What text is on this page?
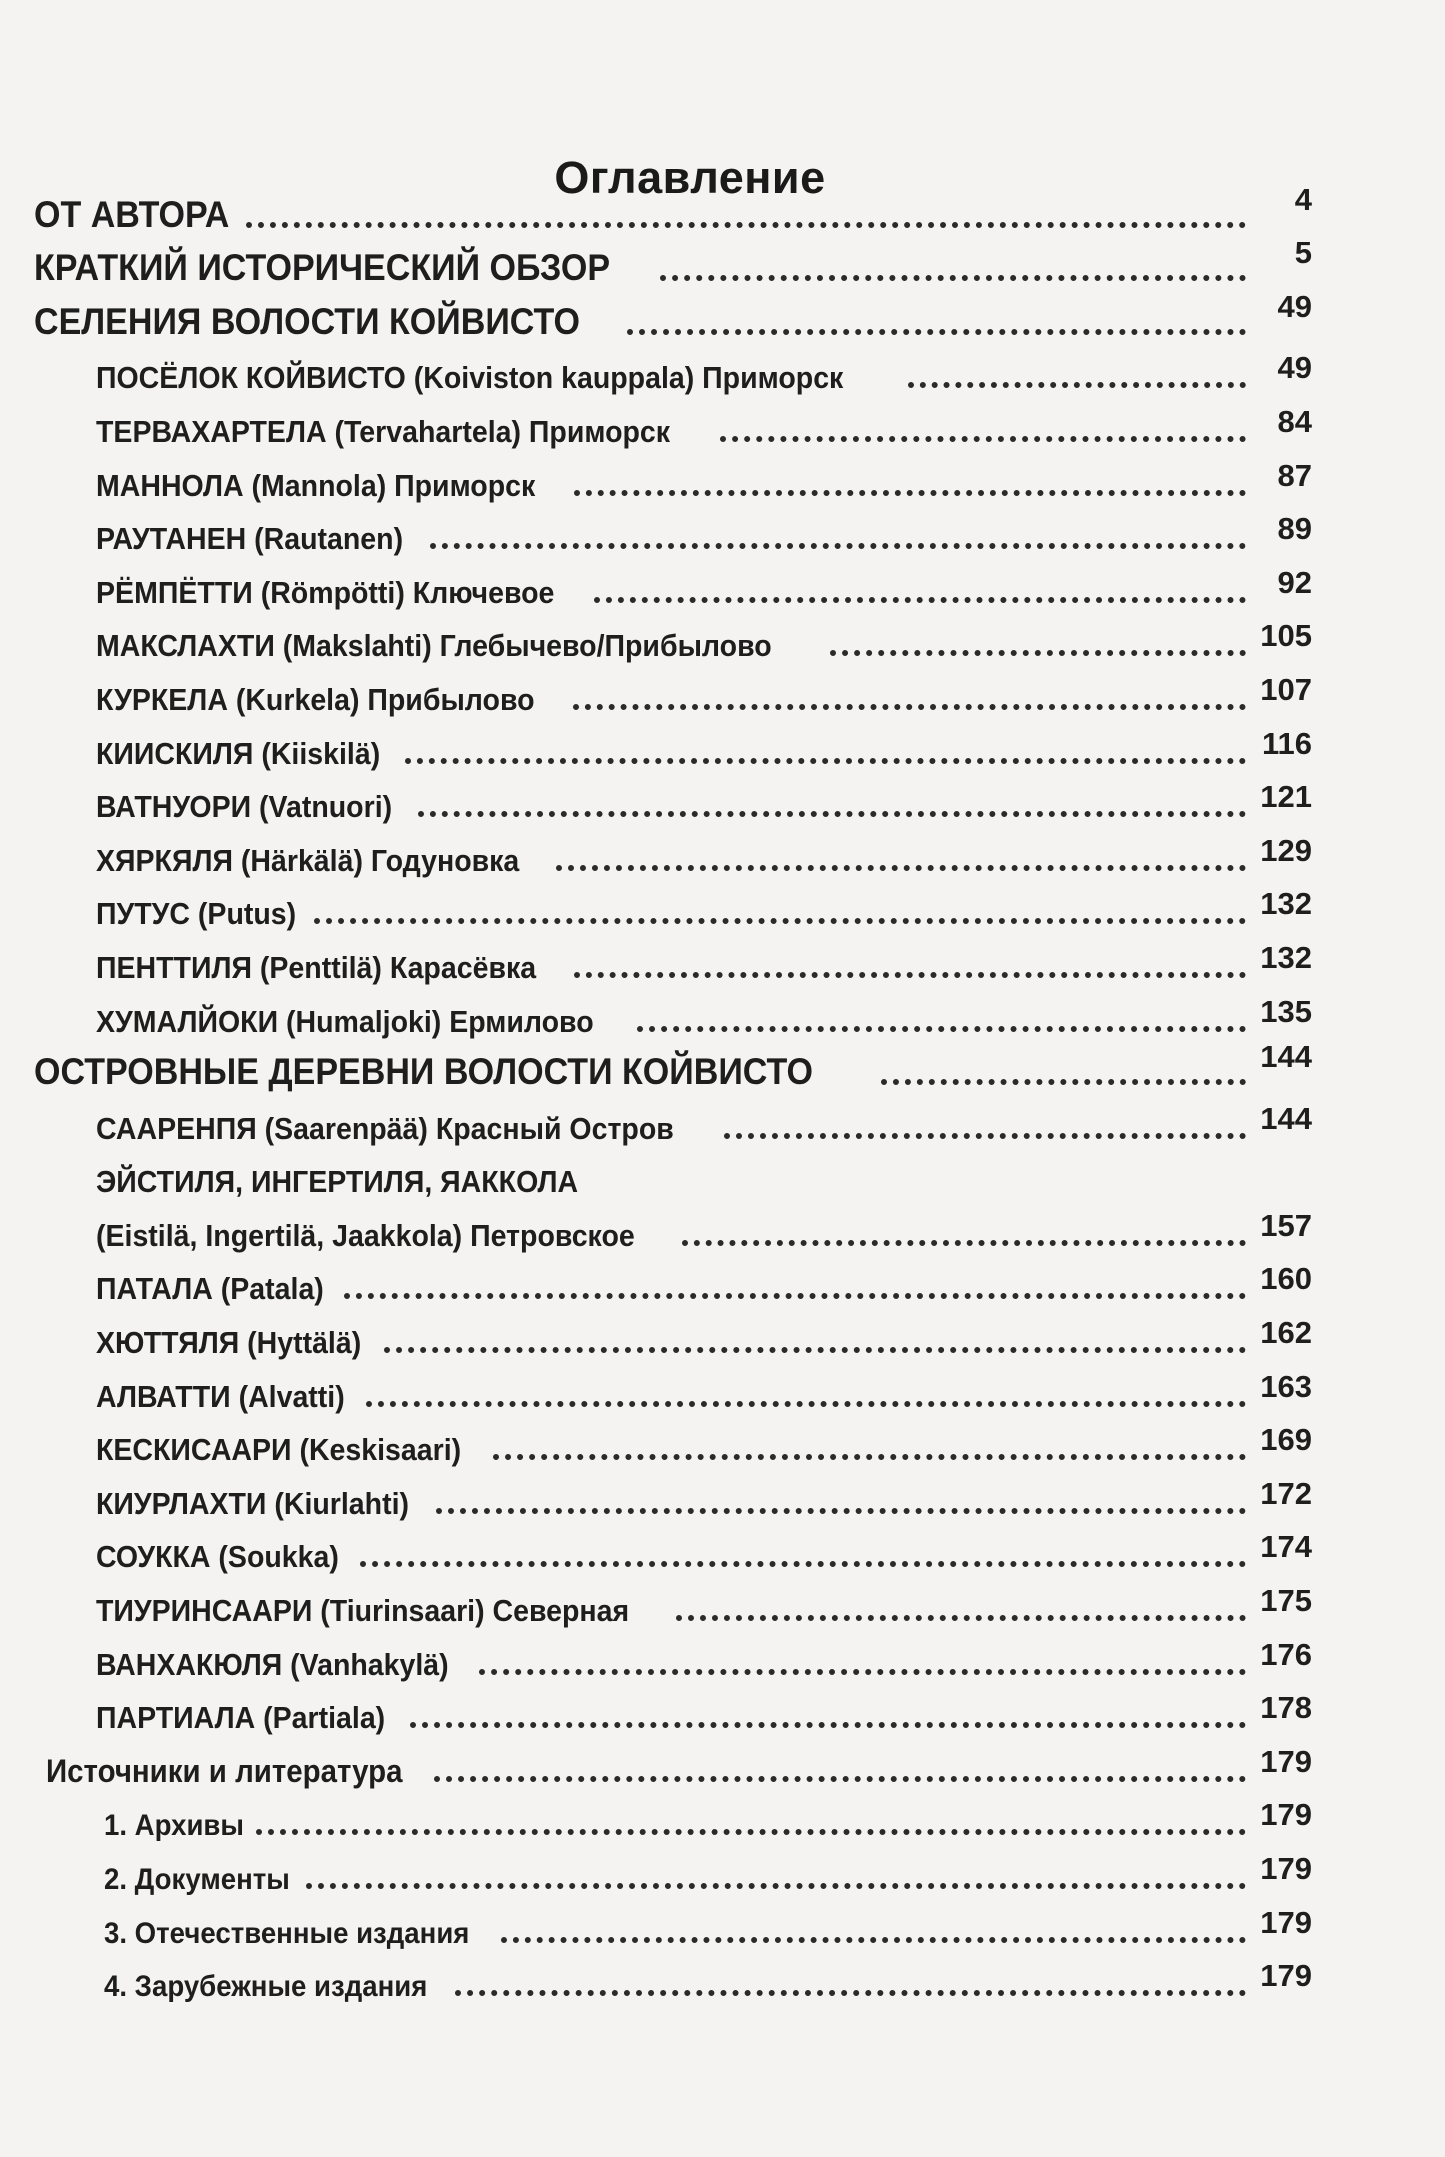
Оглавление
ОТ АВТОРА	4
КРАТКИЙ ИСТОРИЧЕСКИЙ ОБЗОР	5
СЕЛЕНИЯ ВОЛОСТИ КОЙВИСТО	49
ПОСЁЛОК КОЙВИСТО (Koiviston kauppala) Приморск	49
ТЕРВАХАРТЕЛА (Tervahartela) Приморск	84
МАННОЛА (Mannola) Приморск	87
РАУТАНЕН (Rautanen)	89
РЁМПЁТТИ (Römpötti) Ключевое	92
МАКСЛАХТИ (Makslahti) Глебычево/Прибылово	105
КУРКЕЛА (Kurkela) Прибылово	107
КИИСКИЛЯ (Kiiskilä)	116
ВАТНУОРИ (Vatnuori)	121
ХЯРКЯЛЯ (Härkälä) Годуновка	129
ПУТУС (Putus)	132
ПЕНТТИЛЯ (Penttilä) Карасёвка	132
ХУМАЛЙОКИ (Humaljoki) Ермилово	135
ОСТРОВНЫЕ ДЕРЕВНИ ВОЛОСТИ КОЙВИСТО	144
СААРЕНПЯ (Saarenpää) Красный Остров	144
ЭЙСТИЛЯ, ИНГЕРТИЛЯ, ЯАККОЛА
(Eistilä, Ingertilä, Jaakkola) Петровское	157
ПАТАЛА (Patala)	160
ХЮТТЯЛЯ (Hyttälä)	162
АЛВАТТИ (Alvatti)	163
КЕСКИСААРИ (Keskisaari)	169
КИУРЛАХТИ (Kiurlahti)	172
СОУККА (Soukka)	174
ТИУРИНСААРИ (Tiurinsaari) Северная	175
ВАНХАКЮЛЯ (Vanhakylä)	176
ПАРТИАЛА (Partiala)	178
Источники и литература	179
1. Архивы	179
2. Документы	179
3. Отечественные издания	179
4. Зарубежные издания	179
